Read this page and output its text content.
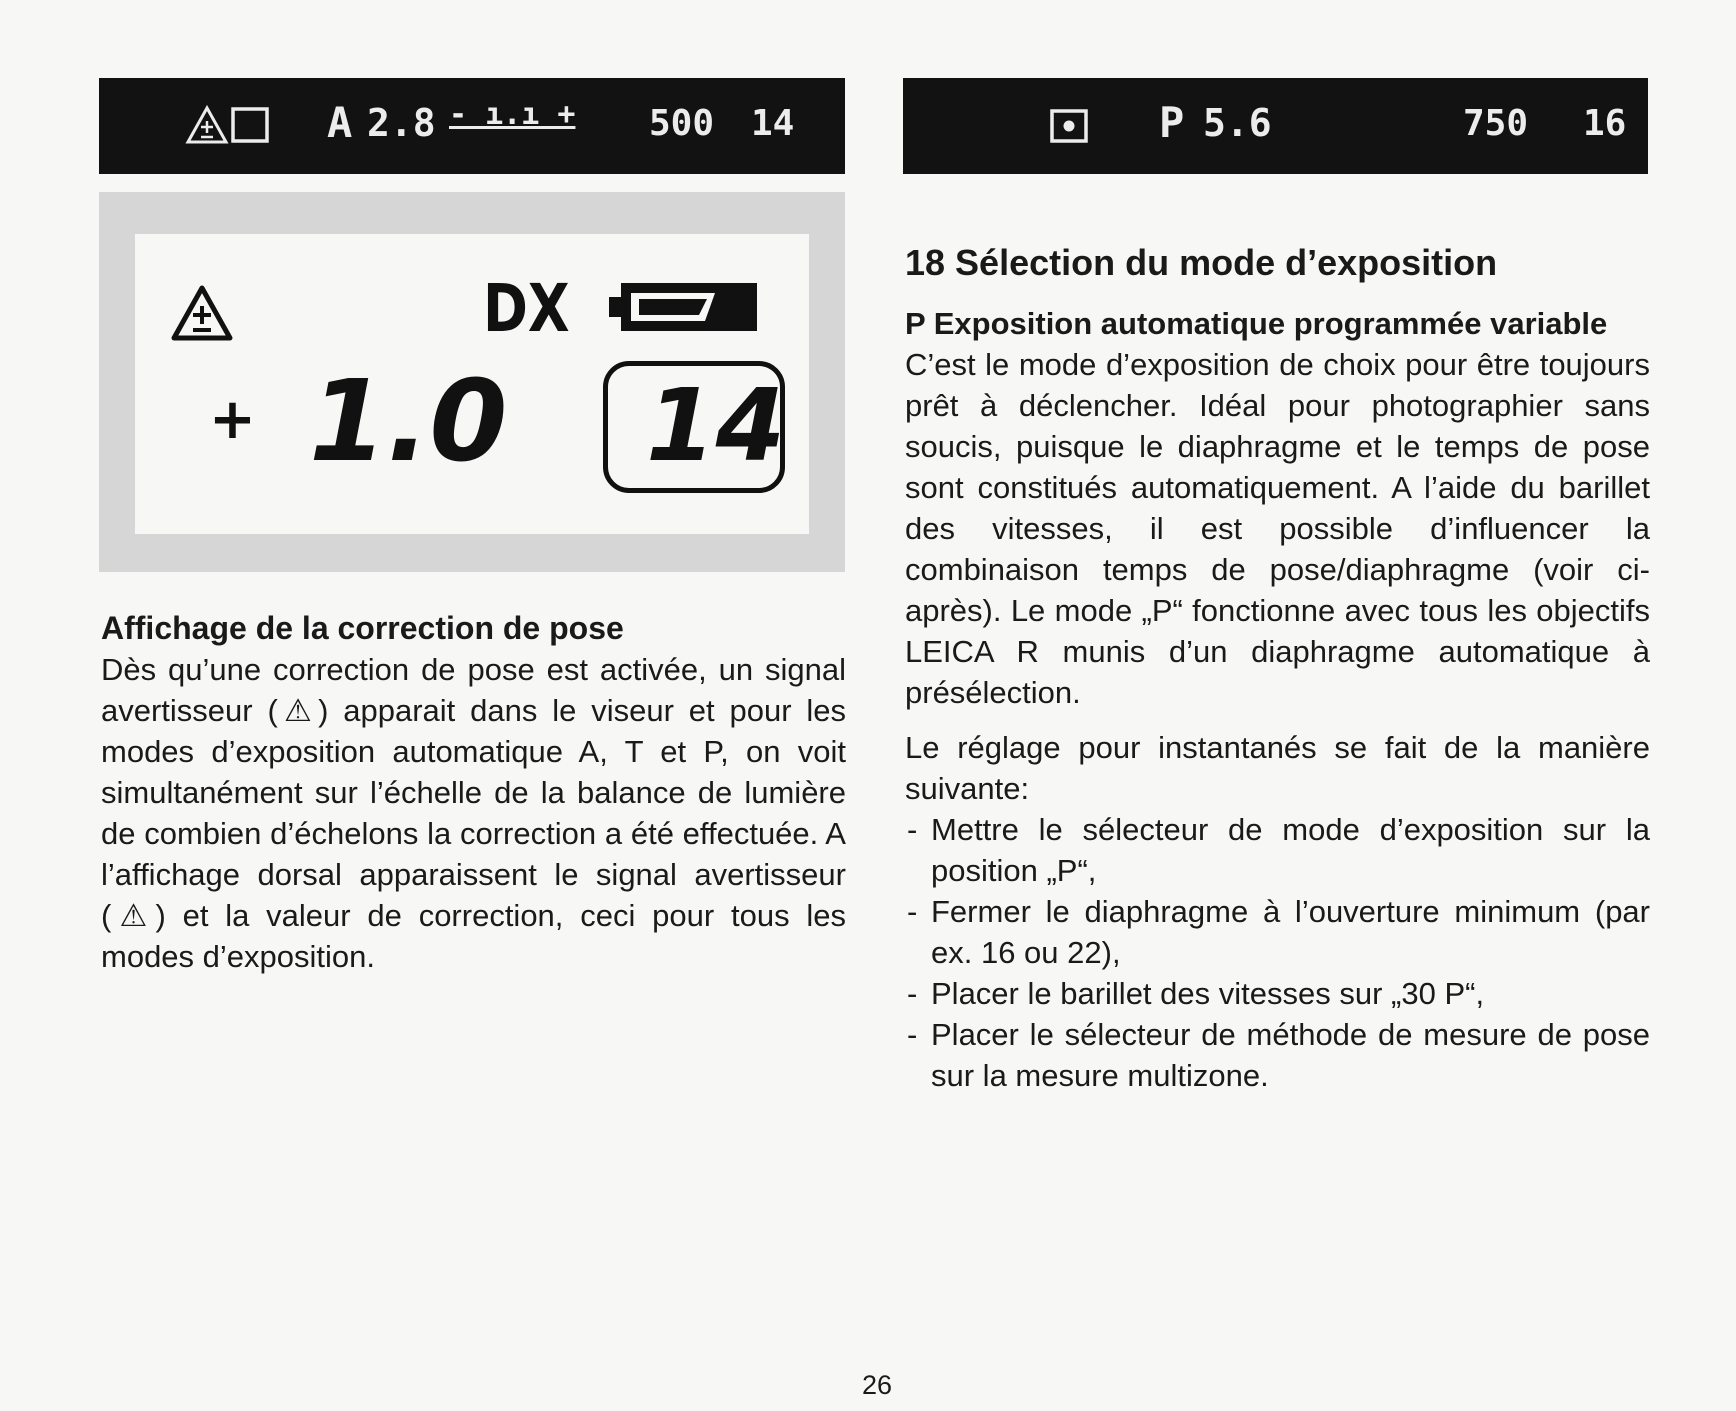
A 2.8 - ı.ı + 500 14	P 5.6	750 16
DX
+ 1.0 14

Affichage de la correction de pose

Dès qu’une correction de pose est activée, un signal avertisseur (⚠) apparait dans le viseur et pour les modes d’exposition automatique A, T et P, on voit simultanément sur l’échelle de la balance de lumière de combien d’échelons la correction a été effectuée. A l’affichage dorsal apparaissent le signal avertisseur (⚠) et la valeur de correction, ceci pour tous les modes d’exposition.

18 Sélection du mode d’exposition

P Exposition automatique programmée variable

C’est le mode d’exposition de choix pour être toujours prêt à déclencher. Idéal pour photographier sans soucis, puisque le diaphragme et le temps de pose sont constitués automatiquement. A l’aide du barillet des vitesses, il est possible d’influencer la combinaison temps de pose/diaphragme (voir ci-après). Le mode „P“ fonctionne avec tous les objectifs LEICA R munis d’un diaphragme automatique à présélection.

Le réglage pour instantanés se fait de la manière suivante:

- Mettre le sélecteur de mode d’exposition sur la position „P“,
- Fermer le diaphragme à l’ouverture minimum (par ex. 16 ou 22),
- Placer le barillet des vitesses sur „30 P“,
- Placer le sélecteur de méthode de mesure de pose sur la mesure multizone.
26
